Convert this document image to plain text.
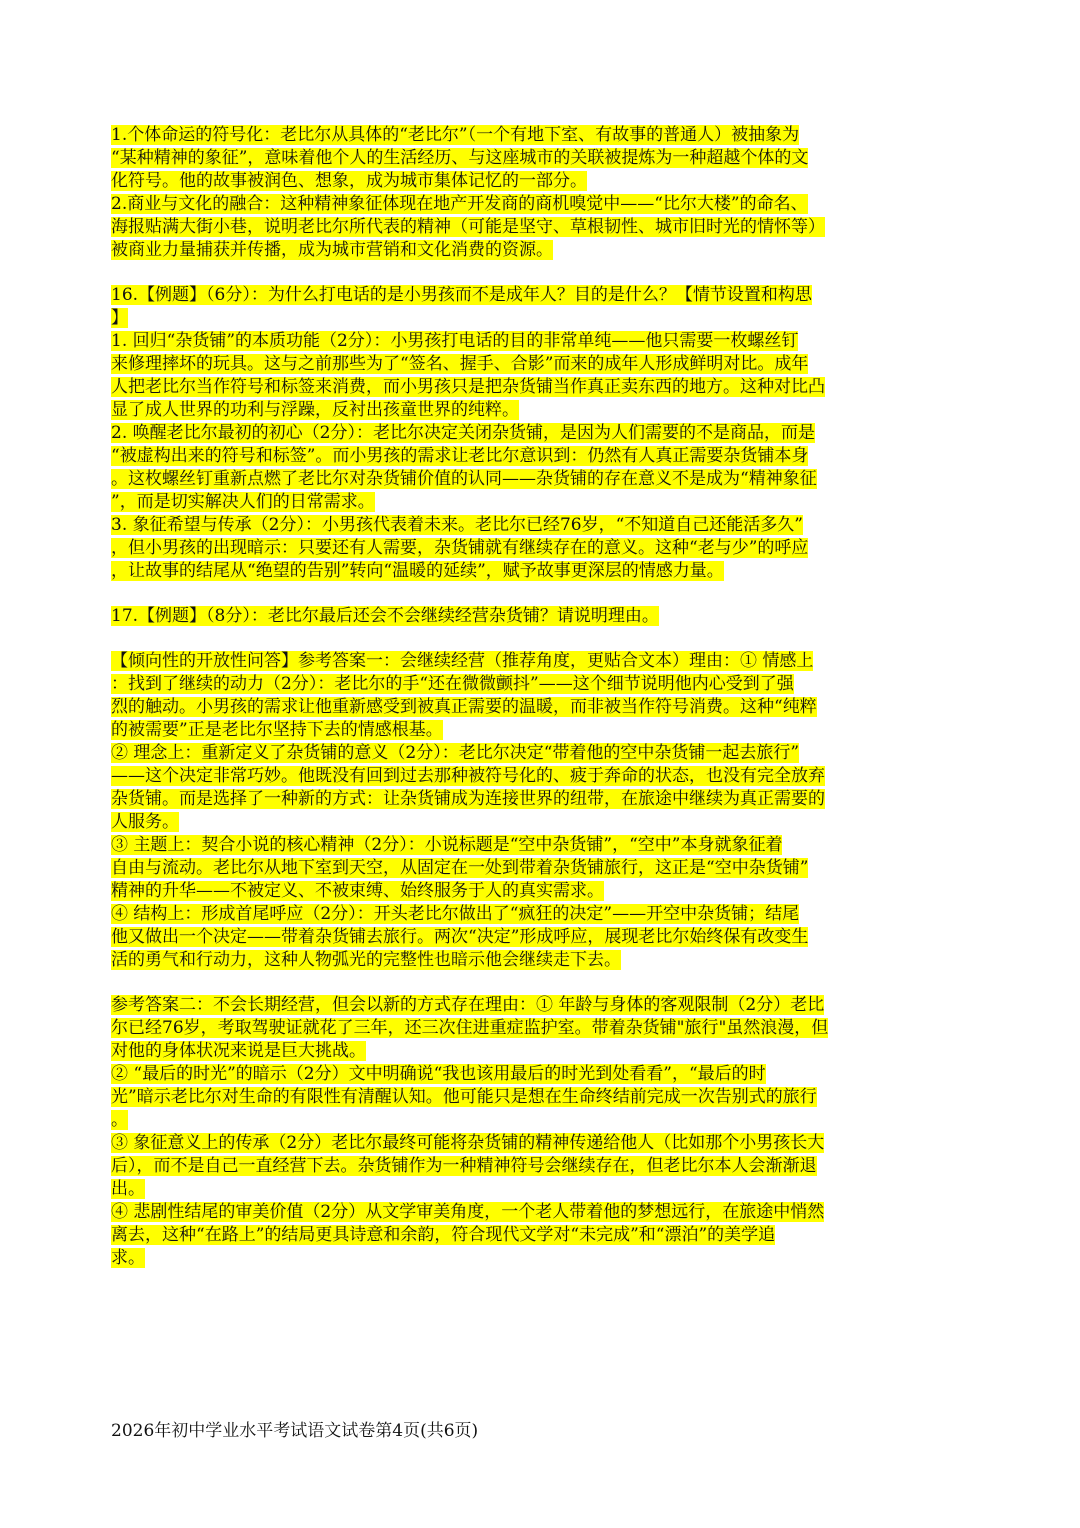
1.个体命运的符号化：老比尔从具体的“老比尔”（一个有地下室、有故事的普通人）被抽象为
“某种精神的象征”，意味着他个人的生活经历、与这座城市的关联被提炼为一种超越个体的文
化符号。他的故事被润色、想象，成为城市集体记忆的一部分。
2.商业与文化的融合：这种精神象征体现在地产开发商的商机嗅觉中——“比尔大楼”的命名、
海报贴满大街小巷，说明老比尔所代表的精神（可能是坚守、草根韧性、城市旧时光的情怀等）
被商业力量捕获并传播，成为城市营销和文化消费的资源。
16.【例题】（6分）：为什么打电话的是小男孩而不是成年人？目的是什么？【情节设置和构思
】
1. 回归“杂货铺”的本质功能（2分）：小男孩打电话的目的非常单纯——他只需要一枚螺丝钉
来修理摔坏的玩具。这与之前那些为了“签名、握手、合影”而来的成年人形成鲜明对比。成年
人把老比尔当作符号和标签来消费，而小男孩只是把杂货铺当作真正卖东西的地方。这种对比凸
显了成人世界的功利与浮躁，反衬出孩童世界的纯粹。
2. 唤醒老比尔最初的初心（2分）：老比尔决定关闭杂货铺，是因为人们需要的不是商品，而是
“被虚构出来的符号和标签”。而小男孩的需求让老比尔意识到：仍然有人真正需要杂货铺本身
。这枚螺丝钉重新点燃了老比尔对杂货铺价值的认同——杂货铺的存在意义不是成为“精神象征
”，而是切实解决人们的日常需求。
3. 象征希望与传承（2分）：小男孩代表着未来。老比尔已经76岁，“不知道自己还能活多久”
，但小男孩的出现暗示：只要还有人需要，杂货铺就有继续存在的意义。这种“老与少”的呼应
，让故事的结尾从“绝望的告别”转向“温暖的延续”，赋予故事更深层的情感力量。
17.【例题】（8分）：老比尔最后还会不会继续经营杂货铺？请说明理由。
【倾向性的开放性问答】参考答案一：会继续经营（推荐角度，更贴合文本）理由：① 情感上
：找到了继续的动力（2分）：老比尔的手“还在微微颤抖”——这个细节说明他内心受到了强
烈的触动。小男孩的需求让他重新感受到被真正需要的温暖，而非被当作符号消费。这种“纯粹
的被需要”正是老比尔坚持下去的情感根基。
② 理念上：重新定义了杂货铺的意义（2分）：老比尔决定“带着他的空中杂货铺一起去旅行”
——这个决定非常巧妙。他既没有回到过去那种被符号化的、疲于奔命的状态，也没有完全放弃
杂货铺。而是选择了一种新的方式：让杂货铺成为连接世界的纽带，在旅途中继续为真正需要的
人服务。
③ 主题上：契合小说的核心精神（2分）：小说标题是“空中杂货铺”，“空中”本身就象征着
自由与流动。老比尔从地下室到天空，从固定在一处到带着杂货铺旅行，这正是“空中杂货铺”
精神的升华——不被定义、不被束缚、始终服务于人的真实需求。
④ 结构上：形成首尾呼应（2分）：开头老比尔做出了“疯狂的决定”——开空中杂货铺；结尾
他又做出一个决定——带着杂货铺去旅行。两次“决定”形成呼应，展现老比尔始终保有改变生
活的勇气和行动力，这种人物弧光的完整性也暗示他会继续走下去。
参考答案二：不会长期经营，但会以新的方式存在理由：① 年龄与身体的客观限制（2分）老比
尔已经76岁，考取驾驶证就花了三年，还三次住进重症监护室。带着杂货铺"旅行"虽然浪漫，但
对他的身体状况来说是巨大挑战。
② “最后的时光”的暗示（2分）文中明确说“我也该用最后的时光到处看看”，“最后的时
光”暗示老比尔对生命的有限性有清醒认知。他可能只是想在生命终结前完成一次告别式的旅行
。
③ 象征意义上的传承（2分）老比尔最终可能将杂货铺的精神传递给他人（比如那个小男孩长大
后），而不是自己一直经营下去。杂货铺作为一种精神符号会继续存在，但老比尔本人会渐渐退
出。
④ 悲剧性结尾的审美价值（2分）从文学审美角度，一个老人带着他的梦想远行，在旅途中悄然
离去，这种“在路上”的结局更具诗意和余韵，符合现代文学对“未完成”和“漂泊”的美学追
求。
2026年初中学业水平考试语文试卷第4页(共6页)
